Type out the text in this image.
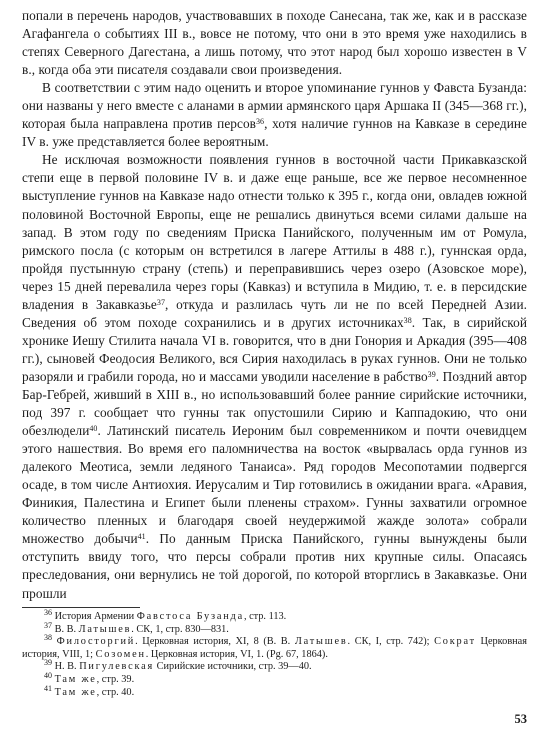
попали в перечень народов, участвовавших в походе Санесана, так же, как и в рассказе Агафангела о событиях III в., вовсе не потому, что они в это время уже находились в степях Северного Дагестана, а лишь потому, что этот народ был хорошо известен в V в., когда оба эти писателя создавали свои произведения.

В соответствии с этим надо оценить и второе упоминание гуннов у Фавста Бузанда: они названы у него вместе с аланами в армии армянского царя Аршака II (345—368 гг.), которая была направлена против персов$^{36}$, хотя наличие гуннов на Кавказе в середине IV в. уже представляется более вероятным.

Не исключая возможности появления гуннов в восточной части Прикавказской степи еще в первой половине IV в. и даже еще раньше, все же первое несомненное выступление гуннов на Кавказе надо отнести только к 395 г., когда они, овладев южной половиной Восточной Европы, еще не решались двинуться всеми силами дальше на запад. В этом году по сведениям Приска Панийского, полученным им от Ромула, римского посла (с которым он встретился в лагере Аттилы в 488 г.), гуннская орда, пройдя пустынную страну (степь) и переправившись через озеро (Азовское море), через 15 дней перевалила через горы (Кавказ) и вступила в Мидию, т. е. в персидские владения в Закавказье$^{37}$, откуда и разлилась чуть ли не по всей Передней Азии. Сведения об этом походе сохранились и в других источниках$^{38}$. Так, в сирийской хронике Иешу Стилита начала VI в. говорится, что в дни Гонория и Аркадия (395—408 гг.), сыновей Феодосия Великого, вся Сирия находилась в руках гуннов. Они не только разоряли и грабили города, но и массами уводили население в рабство$^{39}$. Поздний автор Бар-Гебрей, живший в XIII в., но использовавший более ранние сирийские источники, под 397 г. сообщает что гунны так опустошили Сирию и Каппадокию, что они обезлюдели$^{40}$. Латинский писатель Иероним был современником и почти очевидцем этого нашествия. Во время его паломничества на восток «вырвалась орда гуннов из далекого Меотиса, земли ледяного Танаиса». Ряд городов Месопотамии подвергся осаде, в том числе Антиохия. Иерусалим и Тир готовились в ожидании врага. «Аравия, Финикия, Палестина и Египет были пленены страхом». Гунны захватили огромное количество пленных и благодаря своей неудержимой жажде золота» собрали множество добычи$^{41}$. По данным Приска Панийского, гунны вынуждены были отступить ввиду того, что персы собрали против них крупные силы. Опасаясь преследования, они вернулись не той дорогой, по которой вторглись в Закавказье. Они прошли

$^{36}$ История Армении Фавстоса Бузанда, стр. 113.

$^{37}$ В. В. Латышев. СК, 1, стр. 830—831.

$^{38}$ Филосторгий. Церковная история, XI, 8 (В. В. Латышев. СК, I, стр. 742); Сократ Церковная история, VIII, 1; Созомен. Церковная история, VI, 1. (Pg. 67, 1864).

$^{39}$ Н. В. Пигулевская Сирийские источники, стр. 39—40.

$^{40}$ Там же, стр. 39.

$^{41}$ Там же, стр. 40.

53
